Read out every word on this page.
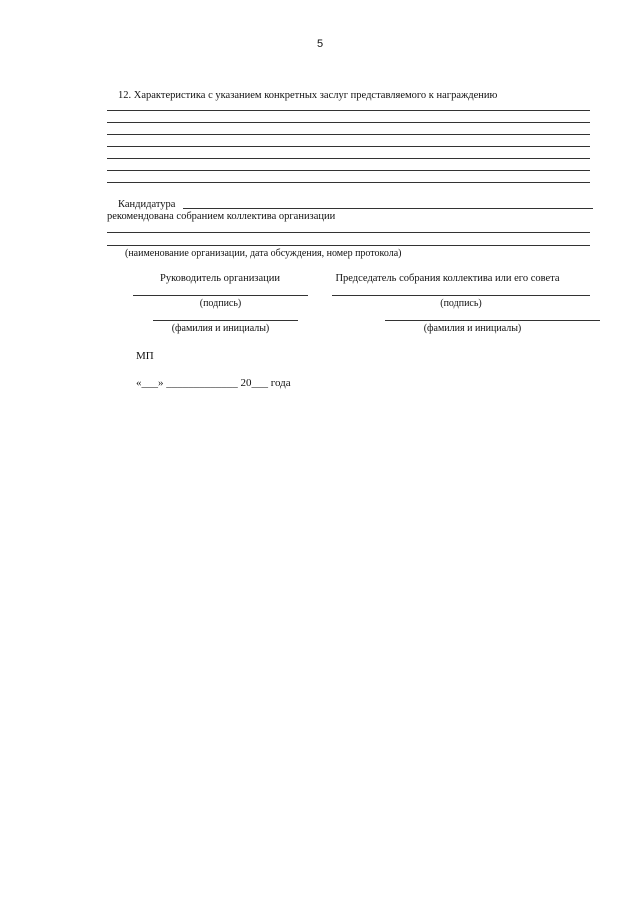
5
12. Характеристика с указанием конкретных заслуг представляемого к награждению
Кандидатура
рекомендована собранием коллектива организации
(наименование организации, дата обсуждения, номер протокола)
Руководитель организации	Председатель собрания коллектива или его совета
(подпись)	(подпись)
(фамилия и инициалы)	(фамилия и инициалы)
МП
«___» _____________ 20___ года
